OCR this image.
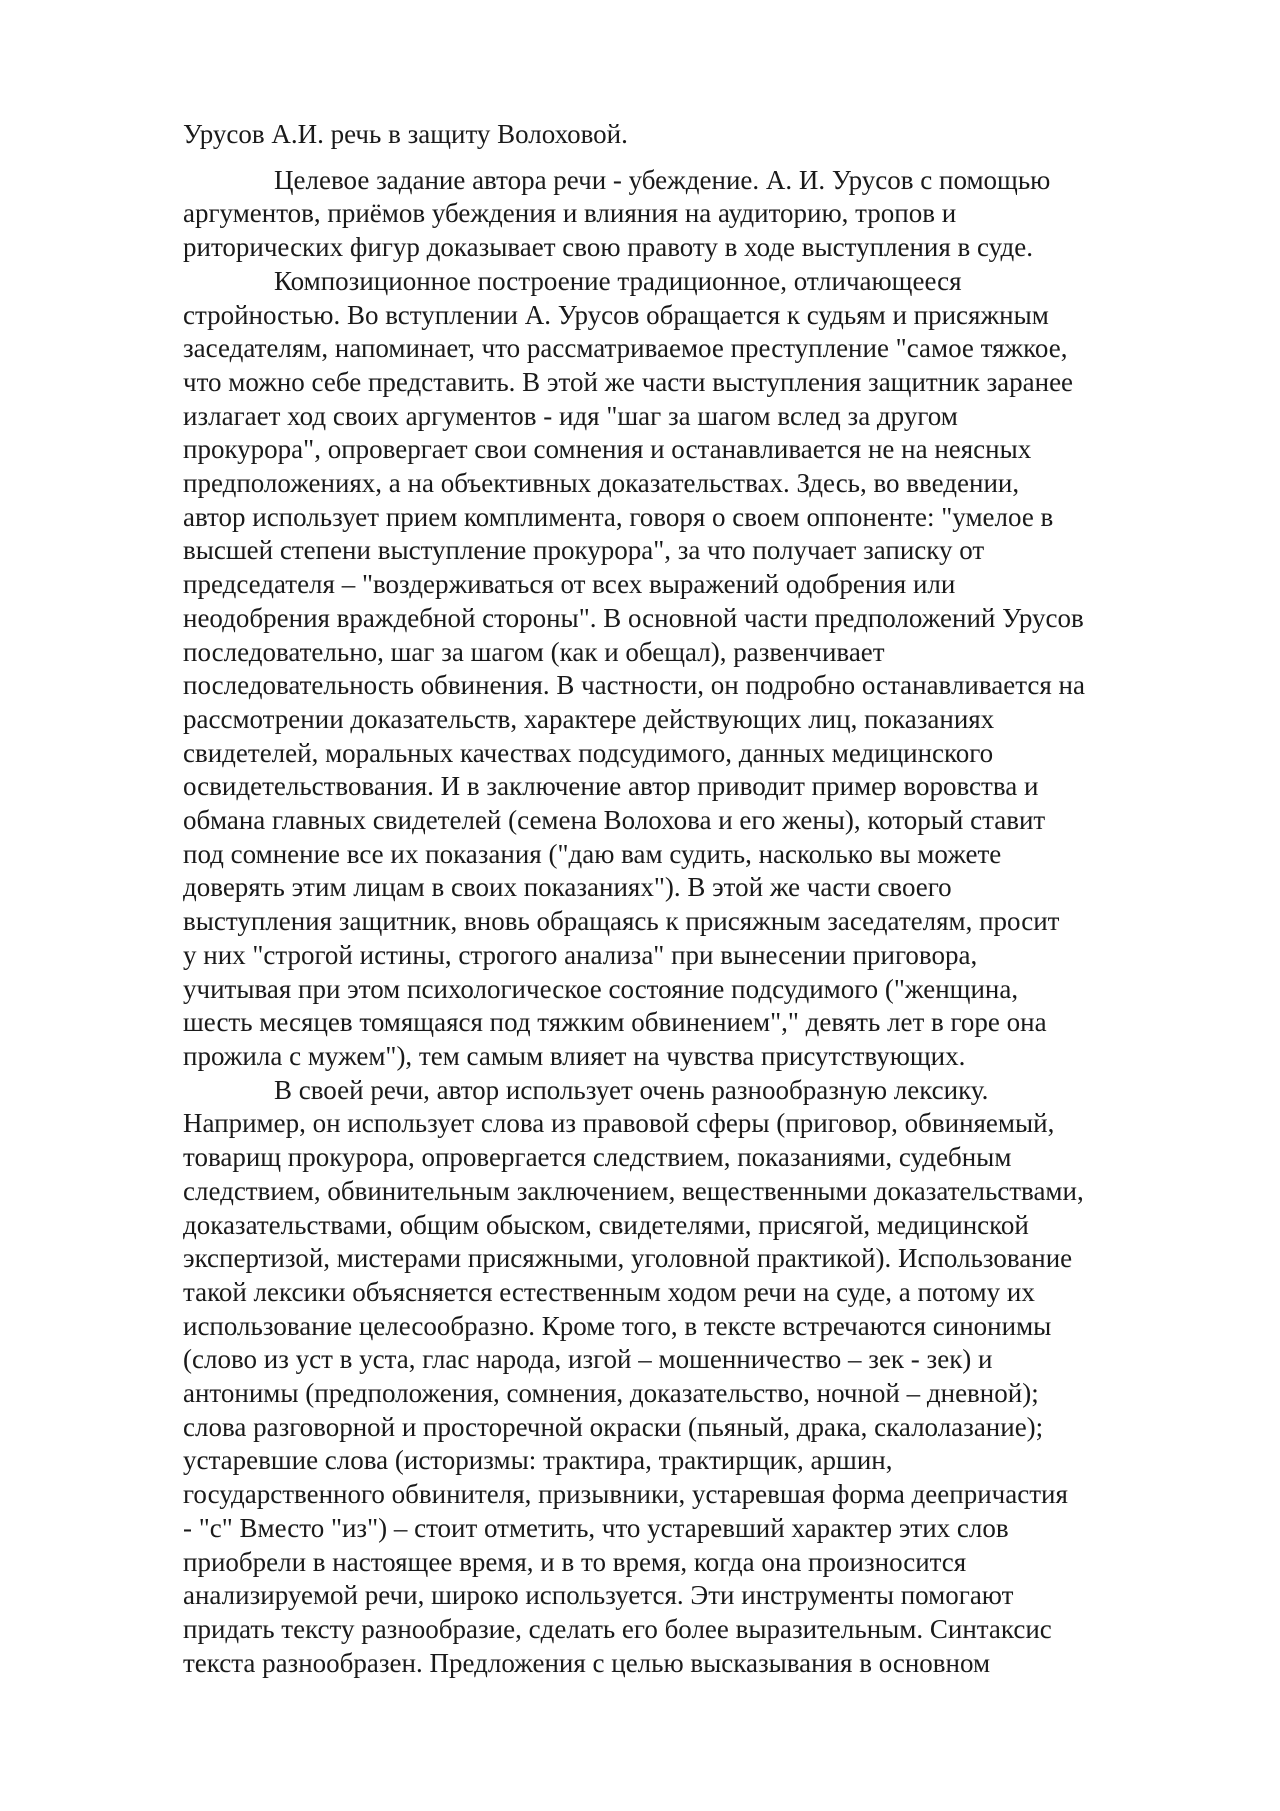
Урусов А.И. речь в защиту Волоховой.
Целевое задание автора речи - убеждение. А. И. Урусов с помощью
аргументов, приёмов убеждения и влияния на аудиторию, тропов и
риторических фигур доказывает свою правоту в ходе выступления в суде.
Композиционное построение традиционное, отличающееся
стройностью. Во вступлении А. Урусов обращается к судьям и присяжным
заседателям, напоминает, что рассматриваемое преступление "самое тяжкое,
что можно себе представить. В этой же части выступления защитник заранее
излагает ход своих аргументов - идя "шаг за шагом вслед за другом
прокурора", опровергает свои сомнения и останавливается не на неясных
предположениях, а на объективных доказательствах. Здесь, во введении,
автор использует прием комплимента, говоря о своем оппоненте: "умелое в
высшей степени выступление прокурора", за что получает записку от
председателя – "воздерживаться от всех выражений одобрения или
неодобрения враждебной стороны". В основной части предположений Урусов
последовательно, шаг за шагом (как и обещал), развенчивает
последовательность обвинения. В частности, он подробно останавливается на
рассмотрении доказательств, характере действующих лиц, показаниях
свидетелей, моральных качествах подсудимого, данных медицинского
освидетельствования. И в заключение автор приводит пример воровства и
обмана главных свидетелей (семена Волохова и его жены), который ставит
под сомнение все их показания ("даю вам судить, насколько вы можете
доверять этим лицам в своих показаниях"). В этой же части своего
выступления защитник, вновь обращаясь к присяжным заседателям, просит
у них "строгой истины, строгого анализа" при вынесении приговора,
учитывая при этом психологическое состояние подсудимого ("женщина,
шесть месяцев томящаяся под тяжким обвинением"," девять лет в горе она
прожила с мужем"), тем самым влияет на чувства присутствующих.
В своей речи, автор использует очень разнообразную лексику.
Например, он использует слова из правовой сферы (приговор, обвиняемый,
товарищ прокурора, опровергается следствием, показаниями, судебным
следствием, обвинительным заключением, вещественными доказательствами,
доказательствами, общим обыском, свидетелями, присягой, медицинской
экспертизой, мистерами присяжными, уголовной практикой). Использование
такой лексики объясняется естественным ходом речи на суде, а потому их
использование целесообразно. Кроме того, в тексте встречаются синонимы
(слово из уст в уста, глас народа, изгой – мошенничество – зек - зек) и
антонимы (предположения, сомнения, доказательство, ночной – дневной);
слова разговорной и просторечной окраски (пьяный, драка, скалолазание);
устаревшие слова (историзмы: трактира, трактирщик, аршин,
государственного обвинителя, призывники, устаревшая форма деепричастия
- "с" Вместо "из") – стоит отметить, что устаревший характер этих слов
приобрели в настоящее время, и в то время, когда она произносится
анализируемой речи, широко используется. Эти инструменты помогают
придать тексту разнообразие, сделать его более выразительным. Синтаксис
текста разнообразен. Предложения с целью высказывания в основном
